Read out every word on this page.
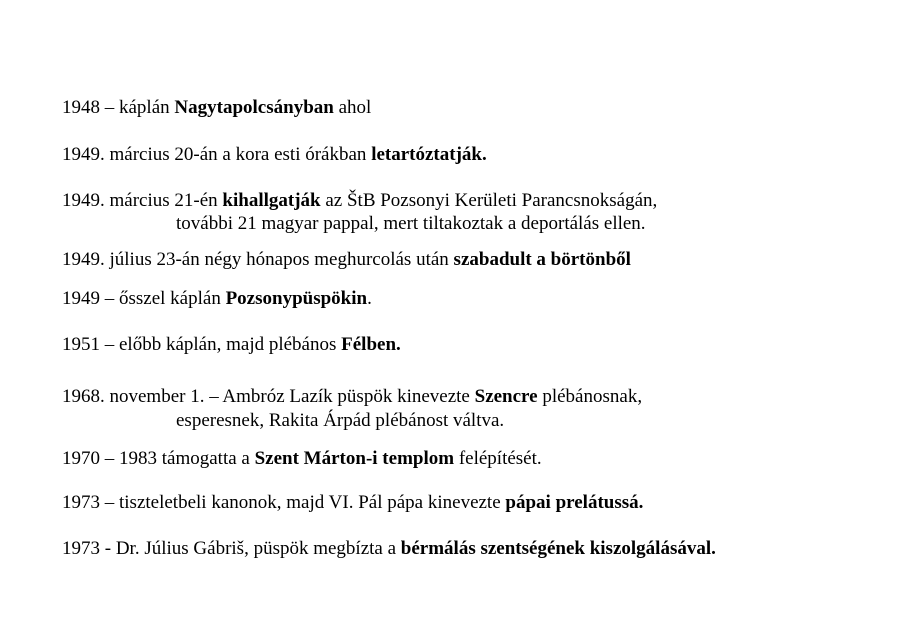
1948 – káplán Nagytapolcsányban ahol
1949. március 20-án a kora esti órákban letartóztatják.
1949. március 21-én kihallgatják az ŠtB Pozsonyi Kerületi Parancsnokságán,
további 21 magyar pappal, mert tiltakoztak a deportálás ellen.
1949. július 23-án négy hónapos meghurcolás után szabadult a börtönből
1949 – ősszel káplán Pozsonypüspökin.
1951 – előbb káplán, majd plébános Félben.
1968. november 1. – Ambróz Lazík püspök kinevezte Szencre plébánosnak,
esperesnek, Rakita Árpád plébánost váltva.
1970 – 1983 támogatta a Szent Márton-i templom felépítését.
1973 – tiszteletbeli kanonok, majd VI. Pál pápa kinevezte pápai prelátussá.
1973 - Dr. Július Gábriš, püspök megbízta a bérmálás szentségének kiszolgálásával.
